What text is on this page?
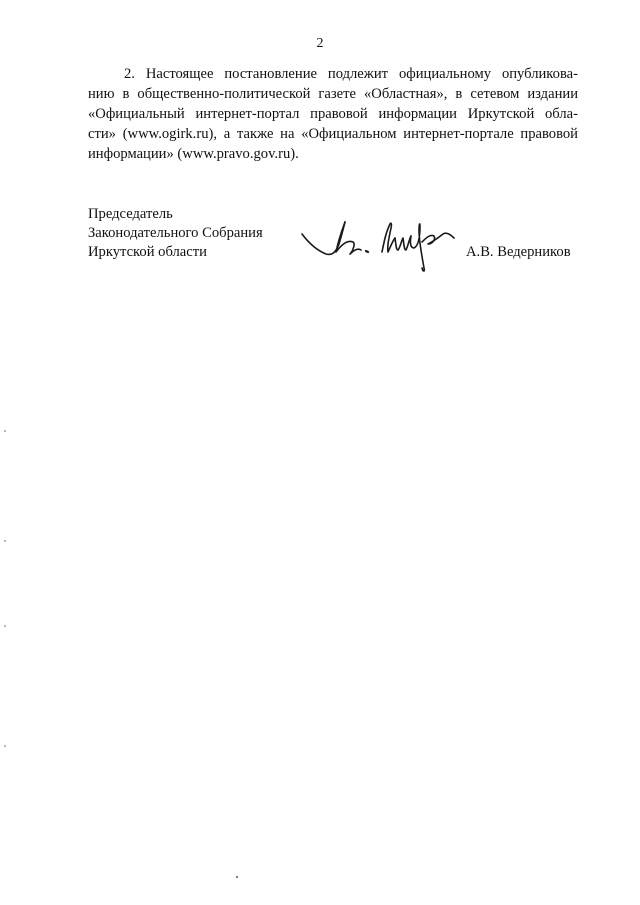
2

2. Настоящее постановление подлежит официальному опубликова-
нию в общественно-политической газете «Областная», в сетевом издании
«Официальный интернет-портал правовой информации Иркутской обла-
сти» (www.ogirk.ru), а также на «Официальном интернет-портале правовой
информации» (www.pravo.gov.ru).

Председатель
Законодательного Собрания
Иркутской области	А.В. Ведерников
